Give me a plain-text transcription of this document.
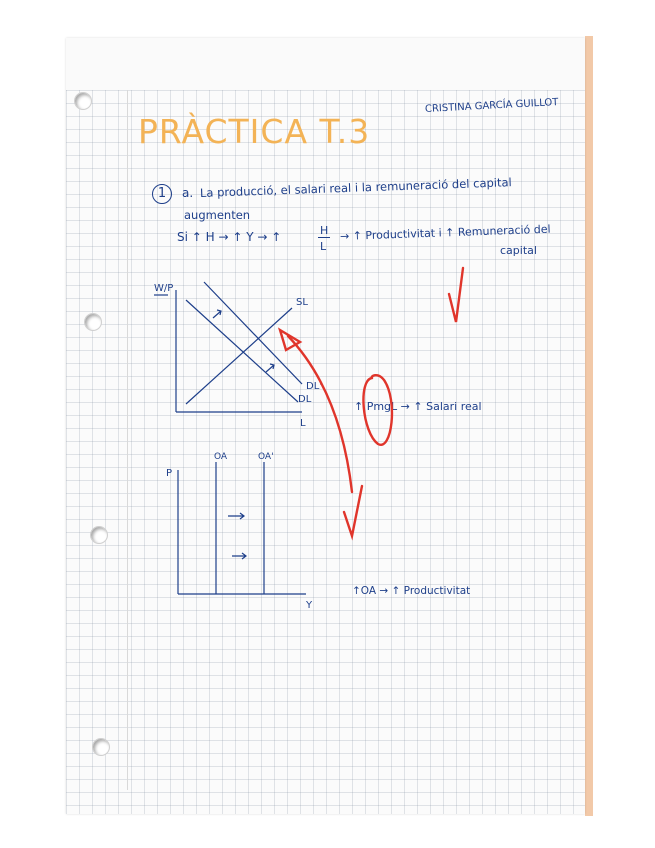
PRÀCTICA T.3
CRISTINA GARCÍA GUILLOT
1	a. La producció, el salari real i la remuneració del capital
augmenten
Si ↑ H → ↑ Y → ↑	H
L
→ ↑ Productivitat i ↑ Remuneració del
capital
W/P
SL
DL'
DL
L
↑ PmgL → ↑ Salari real
OA	OA'
P
Y
↑OA → ↑ Productivitat
